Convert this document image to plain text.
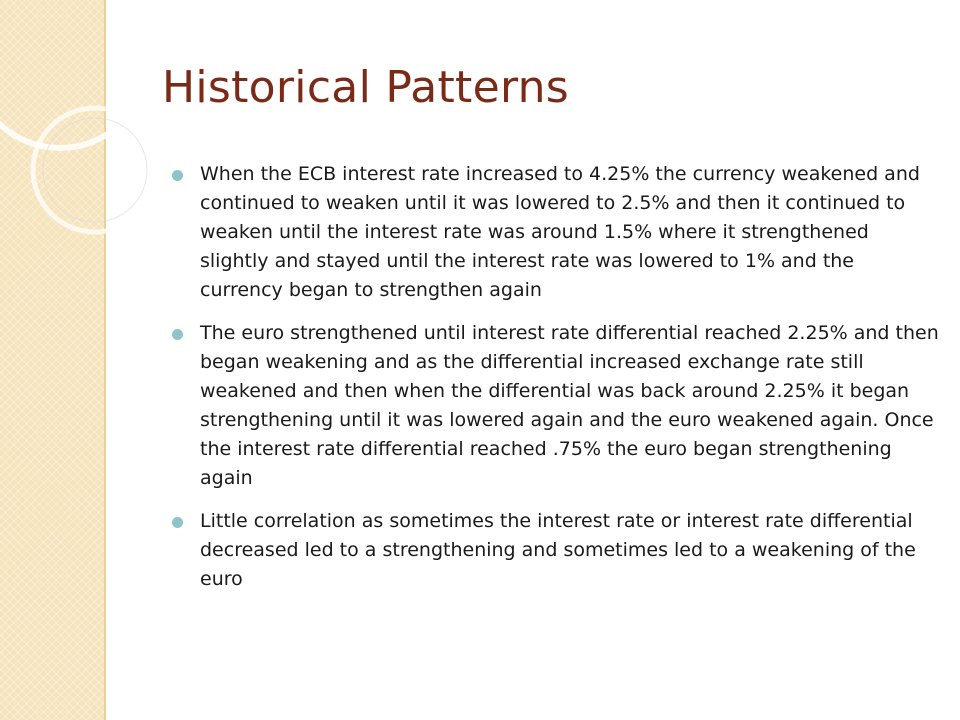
Historical Patterns
When the ECB interest rate increased to 4.25% the currency weakened and continued to weaken until it was lowered to 2.5% and then it continued to weaken until the interest rate was around 1.5% where it strengthened slightly and stayed until the interest rate was lowered to 1% and the currency began to strengthen again
The euro strengthened until interest rate differential reached 2.25% and then began weakening and as the differential increased exchange rate still weakened and then when the differential was back around 2.25% it began strengthening until it was lowered again and the euro weakened again. Once the interest rate differential reached .75% the euro began strengthening again
Little correlation as sometimes the interest rate or interest rate differential decreased led to a strengthening and sometimes led to a weakening of the euro
